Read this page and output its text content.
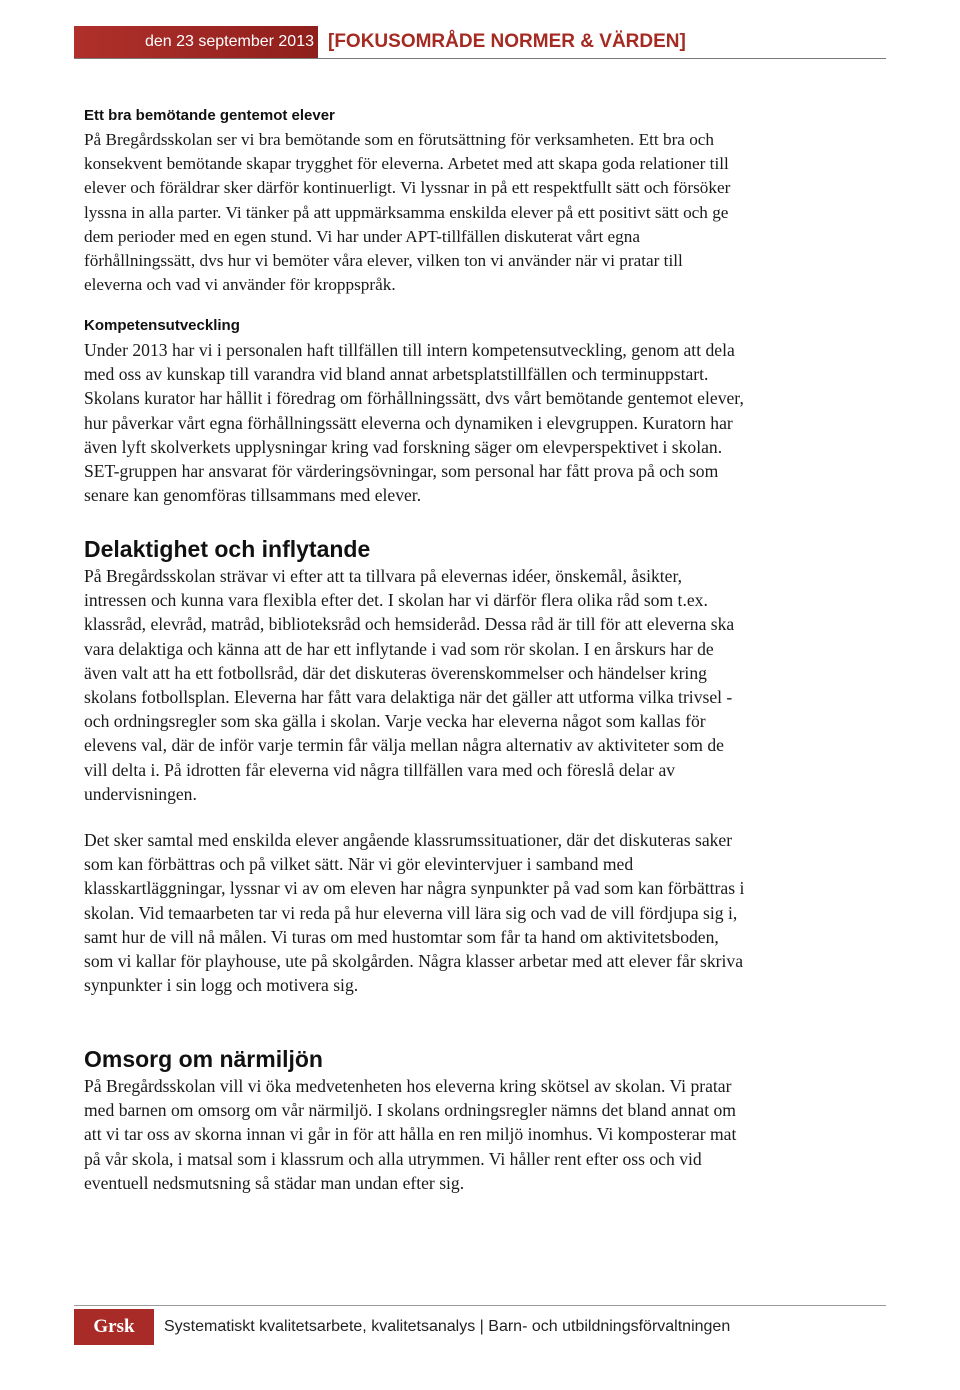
den 23 september 2013 [FOKUSOMRÅDE NORMER & VÄRDEN]

Ett bra bemötande gentemot elever

På Bregårdsskolan ser vi bra bemötande som en förutsättning för verksamheten. Ett bra och

konsekvent bemötande skapar trygghet för eleverna. Arbetet med att skapa goda relationer till

elever och föräldrar sker därför kontinuerligt. Vi lyssnar in på ett respektfullt sätt och försöker

lyssna in alla parter. Vi tänker på att uppmärksamma enskilda elever på ett positivt sätt och ge

dem perioder med en egen stund. Vi har under APT-tillfällen diskuterat vårt egna

förhållningssätt, dvs hur vi bemöter våra elever, vilken ton vi använder när vi pratar till

eleverna och vad vi använder för kroppspråk.

Kompetensutveckling

Under 2013 har vi i personalen haft tillfällen till intern kompetensutveckling, genom att dela

med oss av kunskap till varandra vid bland annat arbetsplatstillfällen och terminuppstart.

Skolans kurator har hållit i föredrag om förhållningssätt, dvs vårt bemötande gentemot elever,

hur påverkar vårt egna förhållningssätt eleverna och dynamiken i elevgruppen. Kuratorn har

även lyft skolverkets upplysningar kring vad forskning säger om elevperspektivet i skolan.

SET-gruppen har ansvarat för värderingsövningar, som personal har fått prova på och som

senare kan genomföras tillsammans med elever.

Delaktighet och inflytande

På Bregårdsskolan strävar vi efter att ta tillvara på elevernas idéer, önskemål, åsikter,

intressen och kunna vara flexibla efter det. I skolan har vi därför flera olika råd som t.ex.

klassråd, elevråd, matråd, biblioteksråd och hemsideråd. Dessa råd är till för att eleverna ska

vara delaktiga och känna att de har ett inflytande i vad som rör skolan. I en årskurs har de

även valt att ha ett fotbollsråd, där det diskuteras överenskommelser och händelser kring

skolans fotbollsplan. Eleverna har fått vara delaktiga när det gäller att utforma vilka trivsel -

och ordningsregler som ska gälla i skolan. Varje vecka har eleverna något som kallas för

elevens val, där de inför varje termin får välja mellan några alternativ av aktiviteter som de

vill delta i. På idrotten får eleverna vid några tillfällen vara med och föreslå delar av

undervisningen.

Det sker samtal med enskilda elever angående klassrumssituationer, där det diskuteras saker

som kan förbättras och på vilket sätt. När vi gör elevintervjuer i samband med

klasskartläggningar, lyssnar vi av om eleven har några synpunkter på vad som kan förbättras i

skolan. Vid temaarbeten tar vi reda på hur eleverna vill lära sig och vad de vill fördjupa sig i,

samt hur de vill nå målen. Vi turas om med hustomtar som får ta hand om aktivitetsboden,

som vi kallar för playhouse, ute på skolgården. Några klasser arbetar med att elever får skriva

synpunkter i sin logg och motivera sig.

Omsorg om närmiljön

På Bregårdsskolan vill vi öka medvetenheten hos eleverna kring skötsel av skolan. Vi pratar

med barnen om omsorg om vår närmiljö. I skolans ordningsregler nämns det bland annat om

att vi tar oss av skorna innan vi går in för att hålla en ren miljö inomhus. Vi komposterar mat

på vår skola, i matsal som i klassrum och alla utrymmen. Vi håller rent efter oss och vid

eventuell nedsmutsning så städar man undan efter sig.

Grsk	Systematiskt kvalitetsarbete, kvalitetsanalys | Barn- och utbildningsförvaltningen
